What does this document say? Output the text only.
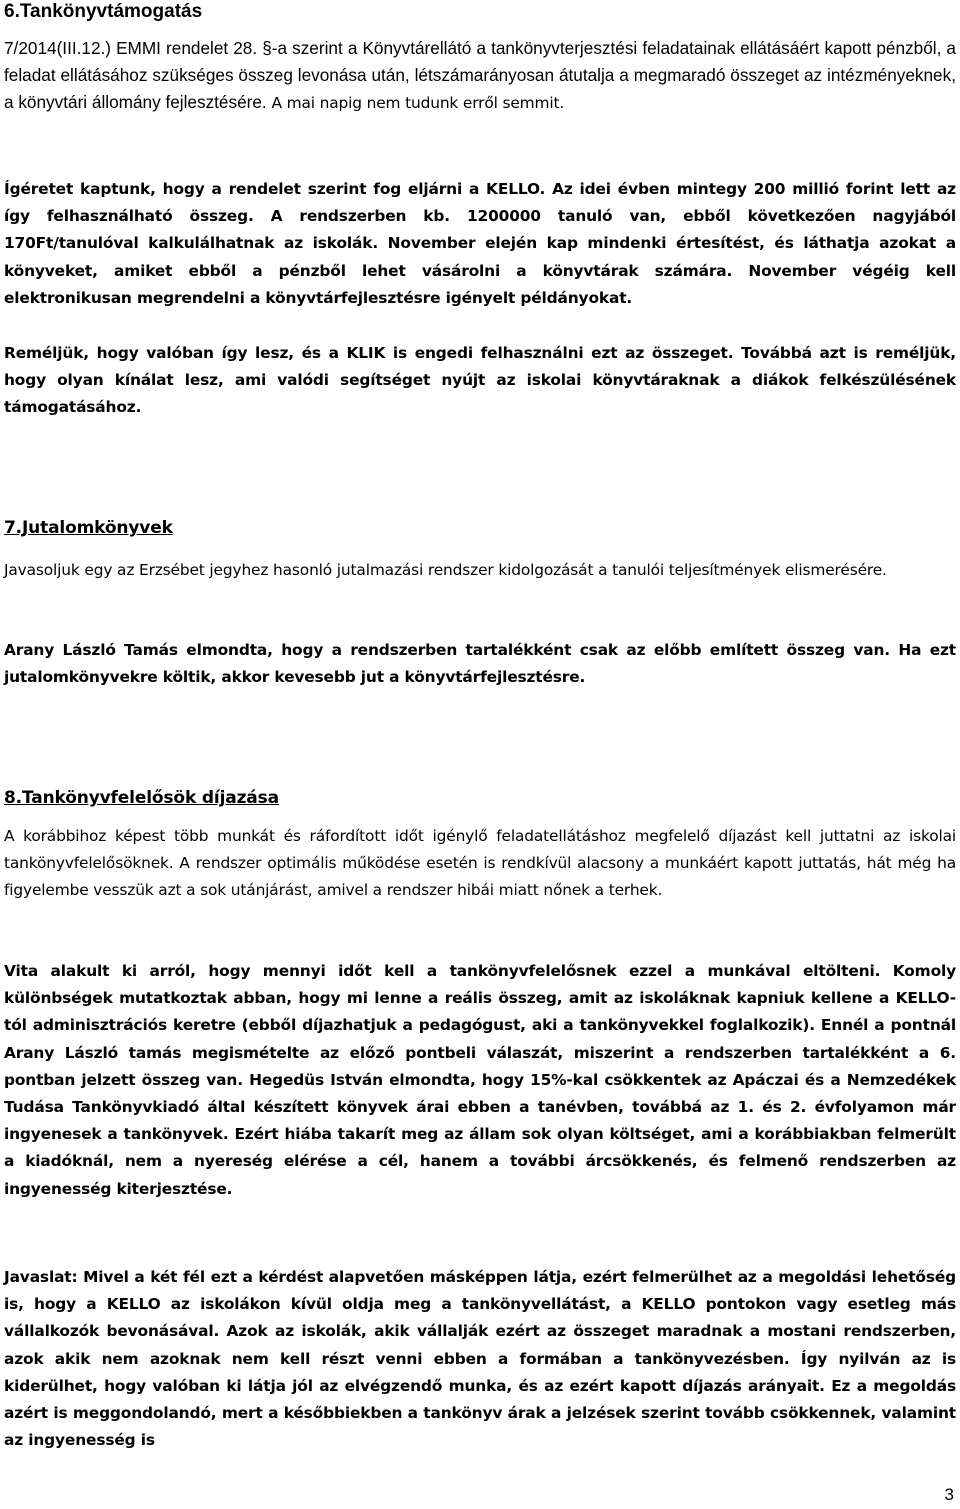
6.Tankönyvtámogatás

7/2014(III.12.) EMMI rendelet 28. §-a szerint a Könyvtárellátó a tankönyvterjesztési feladatainak ellátásáért kapott pénzből, a feladat ellátásához szükséges összeg levonása után, létszámarányosan átutalja a megmaradó összeget az intézményeknek, a könyvtári állomány fejlesztésére. A mai napig nem tudunk erről semmit.

Ígéretet kaptunk, hogy a rendelet szerint fog eljárni a KELLO. Az idei évben mintegy 200 millió forint lett az így felhasználható összeg. A rendszerben kb. 1200000 tanuló van, ebből következően nagyjából 170Ft/tanulóval kalkulálhatnak az iskolák. November elején kap mindenki értesítést, és láthatja azokat a könyveket, amiket ebből a pénzből lehet vásárolni a könyvtárak számára. November végéig kell elektronikusan megrendelni a könyvtárfejlesztésre igényelt példányokat.

Reméljük, hogy valóban így lesz, és a KLIK is engedi felhasználni ezt az összeget. Továbbá azt is reméljük, hogy olyan kínálat lesz, ami valódi segítséget nyújt az iskolai könyvtáraknak a diákok felkészülésének támogatásához.

7.Jutalomkönyvek

Javasoljuk egy az Erzsébet jegyhez hasonló jutalmazási rendszer kidolgozását a tanulói teljesítmények elismerésére.

Arany László Tamás elmondta, hogy a rendszerben tartalékként csak az előbb említett összeg van. Ha ezt jutalomkönyvekre költik, akkor kevesebb jut a könyvtárfejlesztésre.

8.Tankönyvfelelősök díjazása

A korábbihoz képest több munkát és ráfordított időt igénylő feladatellátáshoz megfelelő díjazást kell juttatni az iskolai tankönyvfelelősöknek. A rendszer optimális működése esetén is rendkívül alacsony a munkáért kapott juttatás, hát még ha figyelembe vesszük azt a sok utánjárást, amivel a rendszer hibái miatt nőnek a terhek.

Vita alakult ki arról, hogy mennyi időt kell a tankönyvfelelősnek ezzel a munkával eltölteni. Komoly különbségek mutatkoztak abban, hogy mi lenne a reális összeg, amit az iskoláknak kapniuk kellene a KELLO-tól adminisztrációs keretre (ebből díjazhatjuk a pedagógust, aki a tankönyvekkel foglalkozik). Ennél a pontnál Arany László tamás megismételte az előző pontbeli válaszát, miszerint a rendszerben tartalékként a 6. pontban jelzett összeg van. Hegedüs István elmondta, hogy 15%-kal csökkentek az Apáczai és a Nemzedékek Tudása Tankönyvkiadó által készített könyvek árai ebben a tanévben, továbbá az 1. és 2. évfolyamon már ingyenesek a tankönyvek. Ezért hiába takarít meg az állam sok olyan költséget, ami a korábbiakban felmerült a kiadóknál, nem a nyereség elérése a cél, hanem a további árcsökkenés, és felmenő rendszerben az ingyenesség kiterjesztése.

Javaslat: Mivel a két fél ezt a kérdést alapvetően másképpen látja, ezért felmerülhet az a megoldási lehetőség is, hogy a KELLO az iskolákon kívül oldja meg a tankönyvellátást, a KELLO pontokon vagy esetleg más vállalkozók bevonásával. Azok az iskolák, akik vállalják ezért az összeget maradnak a mostani rendszerben, azok akik nem azoknak nem kell részt venni ebben a formában a tankönyvezésben. Így nyilván az is kiderülhet, hogy valóban ki látja jól az elvégzendő munka, és az ezért kapott díjazás arányait. Ez a megoldás azért is meggondolandó, mert a későbbiekben a tankönyv árak a jelzések szerint tovább csökkennek, valamint az ingyenesség is

3
